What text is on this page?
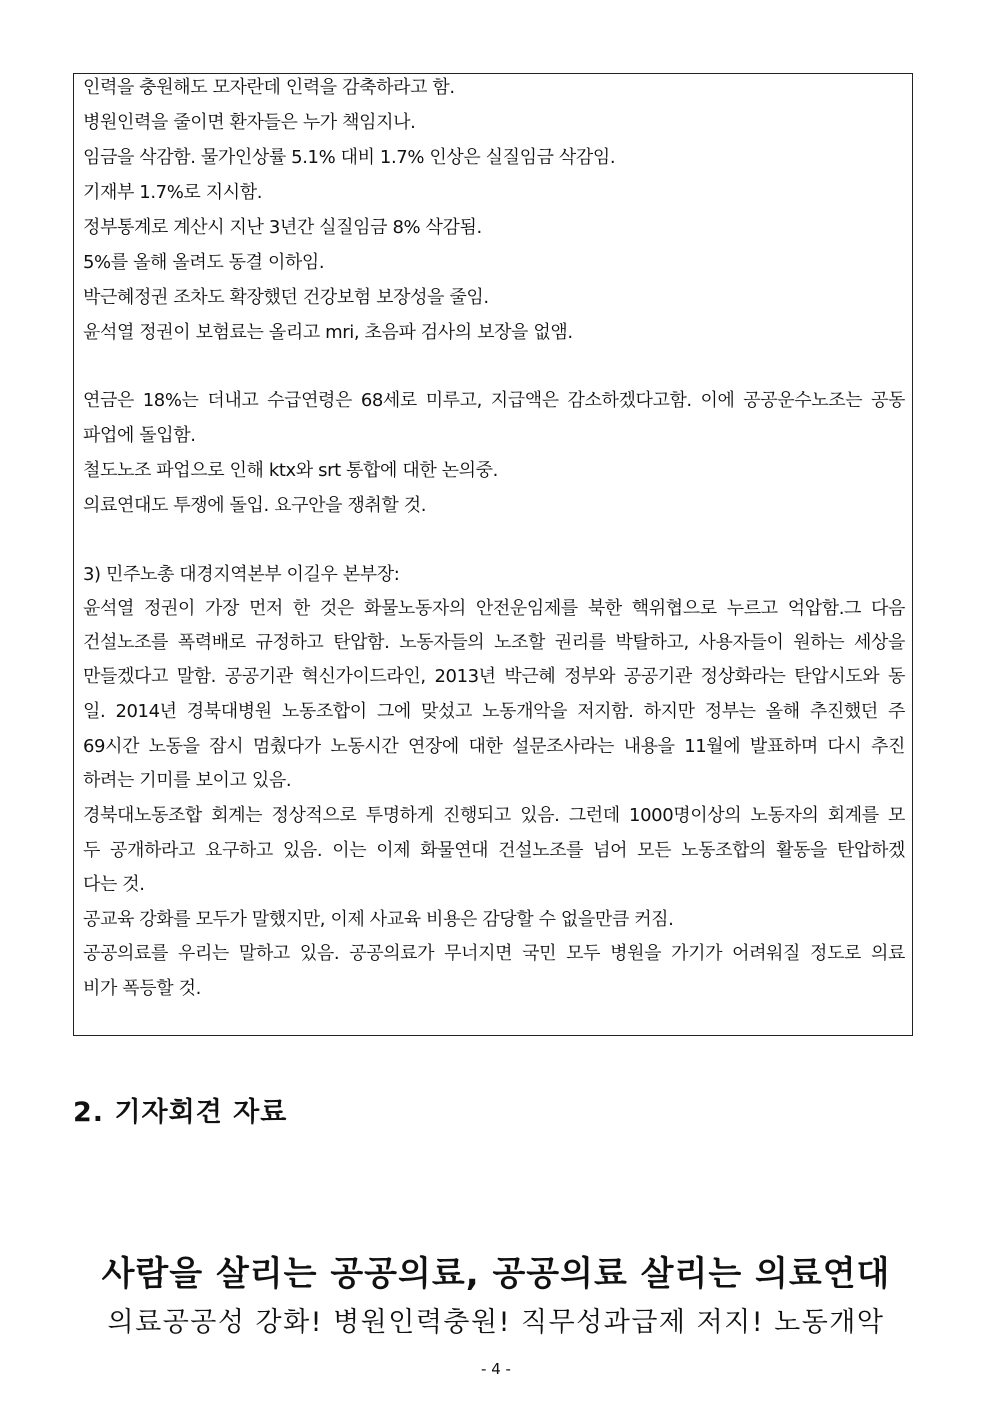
인력을 충원해도 모자란데 인력을 감축하라고 함.
병원인력을 줄이면 환자들은 누가 책임지나.
임금을 삭감함. 물가인상률 5.1% 대비 1.7% 인상은 실질임금 삭감임.
기재부 1.7%로 지시함.
정부통계로 계산시 지난 3년간 실질임금 8% 삭감됨.
5%를 올해 올려도 동결 이하임.
박근혜정권 조차도 확장했던 건강보험 보장성을 줄임.
윤석열 정권이 보험료는 올리고 mri, 초음파 검사의 보장을 없앰.
연금은 18%는 더내고 수급연령은 68세로 미루고, 지급액은 감소하겠다고함. 이에 공공운수노조는 공동
파업에 돌입함.
철도노조 파업으로 인해 ktx와 srt 통합에 대한 논의중.
의료연대도 투쟁에 돌입. 요구안을 쟁취할 것.
3) 민주노총 대경지역본부 이길우 본부장:
윤석열 정권이 가장 먼저 한 것은 화물노동자의 안전운임제를 북한 핵위협으로 누르고 억압함.그 다음
건설노조를 폭력배로 규정하고 탄압함. 노동자들의 노조할 권리를 박탈하고, 사용자들이 원하는 세상을
만들겠다고 말함. 공공기관 혁신가이드라인, 2013년 박근혜 정부와 공공기관 정상화라는 탄압시도와 동
일. 2014년 경북대병원 노동조합이 그에 맞섰고 노동개악을 저지함. 하지만 정부는 올해 추진했던 주
69시간 노동을 잠시 멈췄다가 노동시간 연장에 대한 설문조사라는 내용을 11월에 발표하며 다시 추진
하려는 기미를 보이고 있음.
경북대노동조합 회계는 정상적으로 투명하게 진행되고 있음. 그런데 1000명이상의 노동자의 회계를 모
두 공개하라고 요구하고 있음. 이는 이제 화물연대 건설노조를 넘어 모든 노동조합의 활동을 탄압하겠
다는 것.
공교육 강화를 모두가 말했지만, 이제 사교육 비용은 감당할 수 없을만큼 커짐.
공공의료를 우리는 말하고 있음. 공공의료가 무너지면 국민 모두 병원을 가기가 어려워질 정도로 의료
비가 폭등할 것.
2. 기자회견 자료
사람을 살리는 공공의료, 공공의료 살리는 의료연대
의료공공성 강화! 병원인력충원! 직무성과급제 저지! 노동개악
- 4 -
